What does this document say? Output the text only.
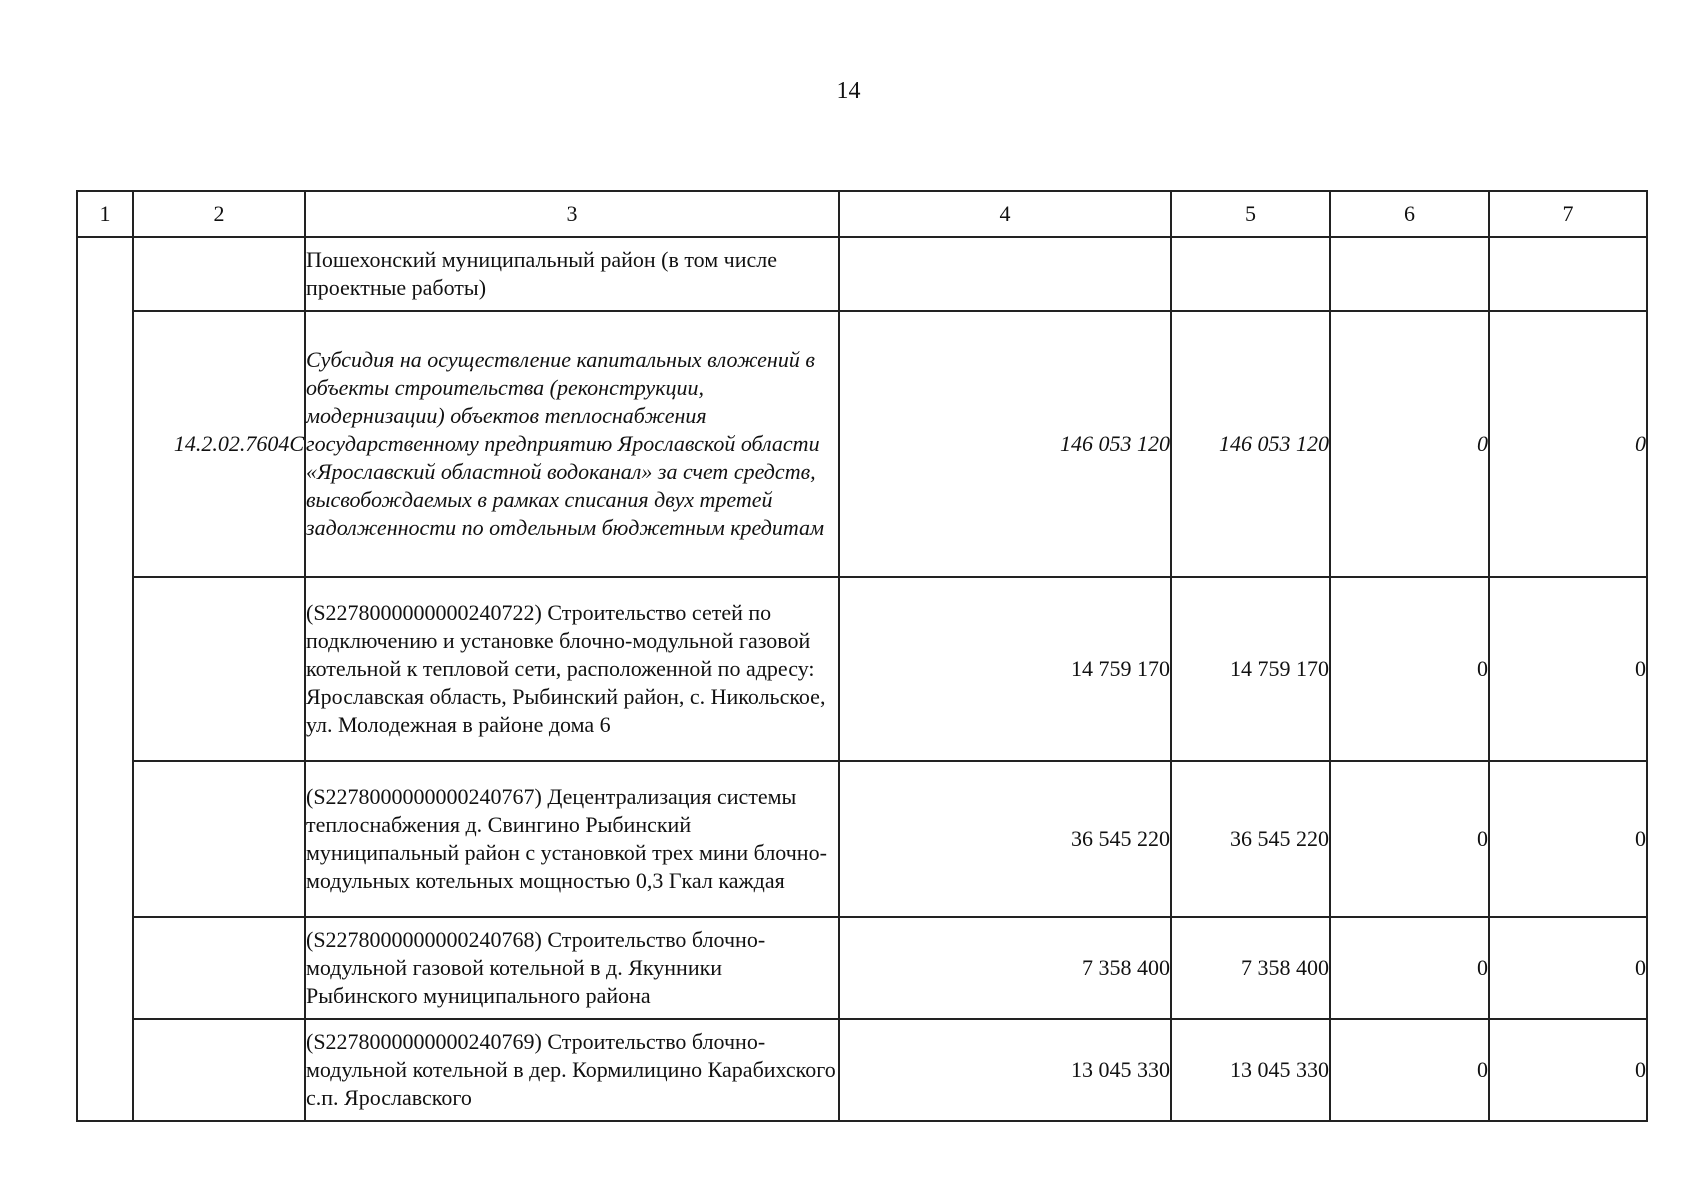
14
1	2	3	4	5	6	7
		Пошехонский муниципальный район (в том числе проектные работы)				
	14.2.02.7604С	Субсидия на осуществление капитальных вложений в объекты строительства (реконструкции, модернизации) объектов теплоснабжения государственному предприятию Ярославской области «Ярославский областной водоканал» за счет средств, высвобождаемых в рамках списания двух третей задолженности по отдельным бюджетным кредитам	146 053 120	146 053 120	0	0
		(S2278000000000240722) Строительство сетей по подключению и установке блочно-модульной газовой котельной к тепловой сети, расположенной по адресу: Ярославская область, Рыбинский район, с. Никольское, ул. Молодежная в районе дома 6	14 759 170	14 759 170	0	0
		(S2278000000000240767) Децентрализация системы теплоснабжения д. Свингино Рыбинский муниципальный район с установкой трех мини блочно-модульных котельных мощностью 0,3 Гкал каждая	36 545 220	36 545 220	0	0
		(S2278000000000240768) Строительство блочно-модульной газовой котельной в д. Якунники Рыбинского муниципального района	7 358 400	7 358 400	0	0
		(S2278000000000240769) Строительство блочно-модульной котельной в дер. Кормилицино Карабихского с.п. Ярославского	13 045 330	13 045 330	0	0
